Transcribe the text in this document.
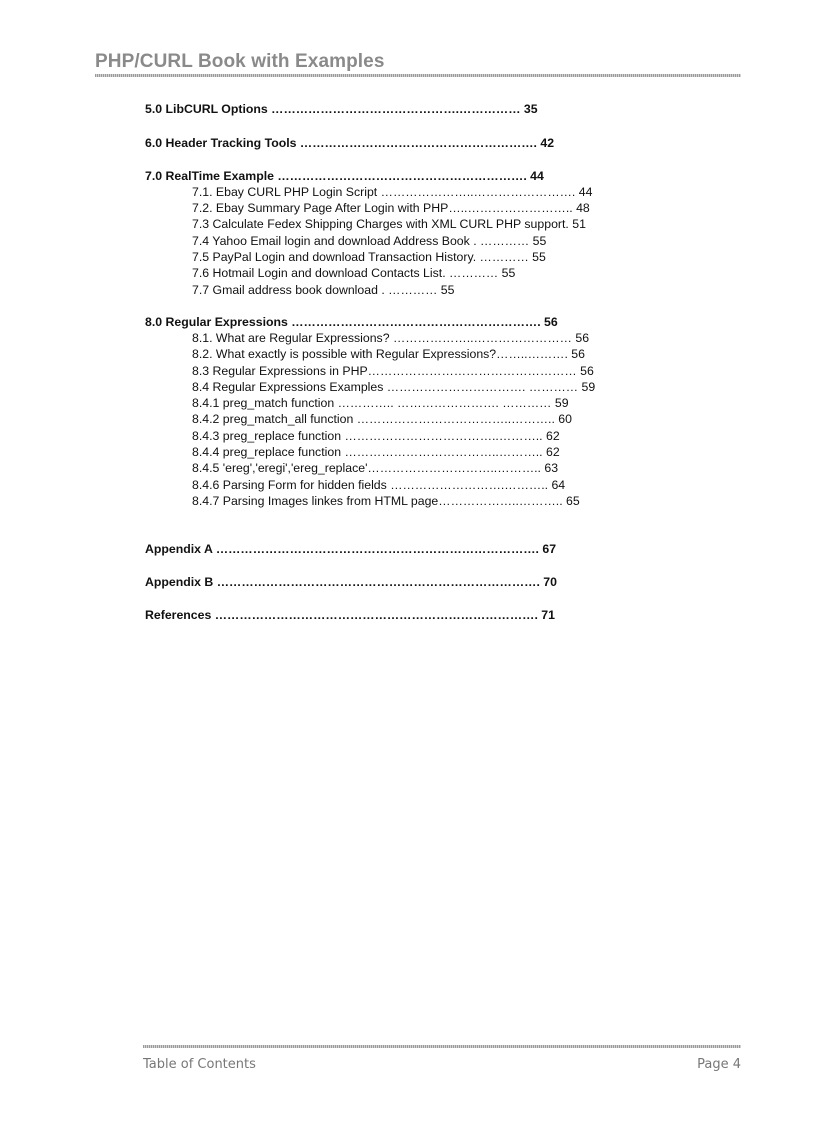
PHP/CURL Book with Examples
5.0 LibCURL Options ……………………………………….…………… 35
6.0 Header Tracking Tools …………………………………………………. 42
7.0 RealTime Example ……………………………………………………. 44
7.1. Ebay CURL PHP Login Script …………………..……………………. 44
7.2. Ebay Summary Page After Login with PHP…..…………………….. 48
7.3 Calculate Fedex Shipping Charges with XML CURL PHP support. 51
7.4 Yahoo Email login and download Address Book . ………… 55
7.5 PayPal Login and download Transaction History. ………… 55
7.6 Hotmail Login and download Contacts List. ………… 55
7.7 Gmail address book download . ………… 55
8.0 Regular Expressions ……………………………………………………. 56
8.1. What are Regular Expressions? ………………..…………………… 56
8.2. What exactly is possible with Regular Expressions?……..………. 56
8.3 Regular Expressions in PHP…………………………………………… 56
8.4 Regular Expressions Examples ……………………………. ………… 59
8.4.1 preg_match function ………….. ……………………. ………… 59
8.4.2 preg_match_all function ………………………………..……….. 60
8.4.3 preg_replace function ………………………………..……….. 62
8.4.4 preg_replace function ………………………………..……….. 62
8.4.5 'ereg','eregi','ereg_replace'…………………………..……….. 63
8.4.6 Parsing Form for hidden fields ……………………….……….. 64
8.4.7 Parsing Images linkes from HTML page………………..……….. 65
Appendix A ……………………………………………………………………. 67
Appendix B ……………………………………………………………………. 70
References ……………………………………………………………………. 71
Table of Contents	Page 4
